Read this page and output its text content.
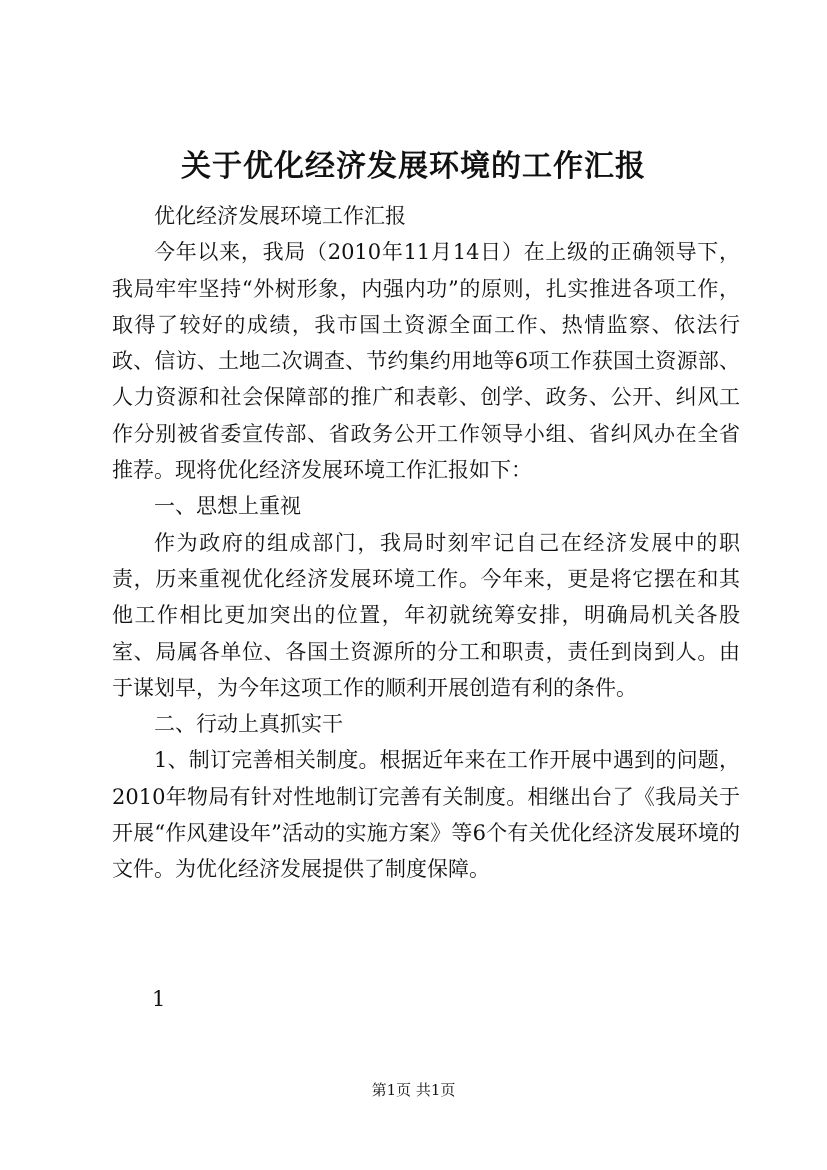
关于优化经济发展环境的工作汇报

优化经济发展环境工作汇报

今年以来，我局（2010年11月14日）在上级的正确领导下，我局牢牢坚持“外树形象，内强内功”的原则，扎实推进各项工作，取得了较好的成绩，我市国土资源全面工作、热情监察、依法行政、信访、土地二次调查、节约集约用地等6项工作获国土资源部、人力资源和社会保障部的推广和表彰、创学、政务、公开、纠风工作分别被省委宣传部、省政务公开工作领导小组、省纠风办在全省推荐。现将优化经济发展环境工作汇报如下：

一、思想上重视

作为政府的组成部门，我局时刻牢记自己在经济发展中的职责，历来重视优化经济发展环境工作。今年来，更是将它摆在和其他工作相比更加突出的位置，年初就统筹安排，明确局机关各股室、局属各单位、各国土资源所的分工和职责，责任到岗到人。由于谋划早，为今年这项工作的顺利开展创造有利的条件。

二、行动上真抓实干

1、制订完善相关制度。根据近年来在工作开展中遇到的问题，2010年物局有针对性地制订完善有关制度。相继出台了《我局关于开展“作风建设年”活动的实施方案》等6个有关优化经济发展环境的文件。为优化经济发展提供了制度保障。

1
第1页 共1页
